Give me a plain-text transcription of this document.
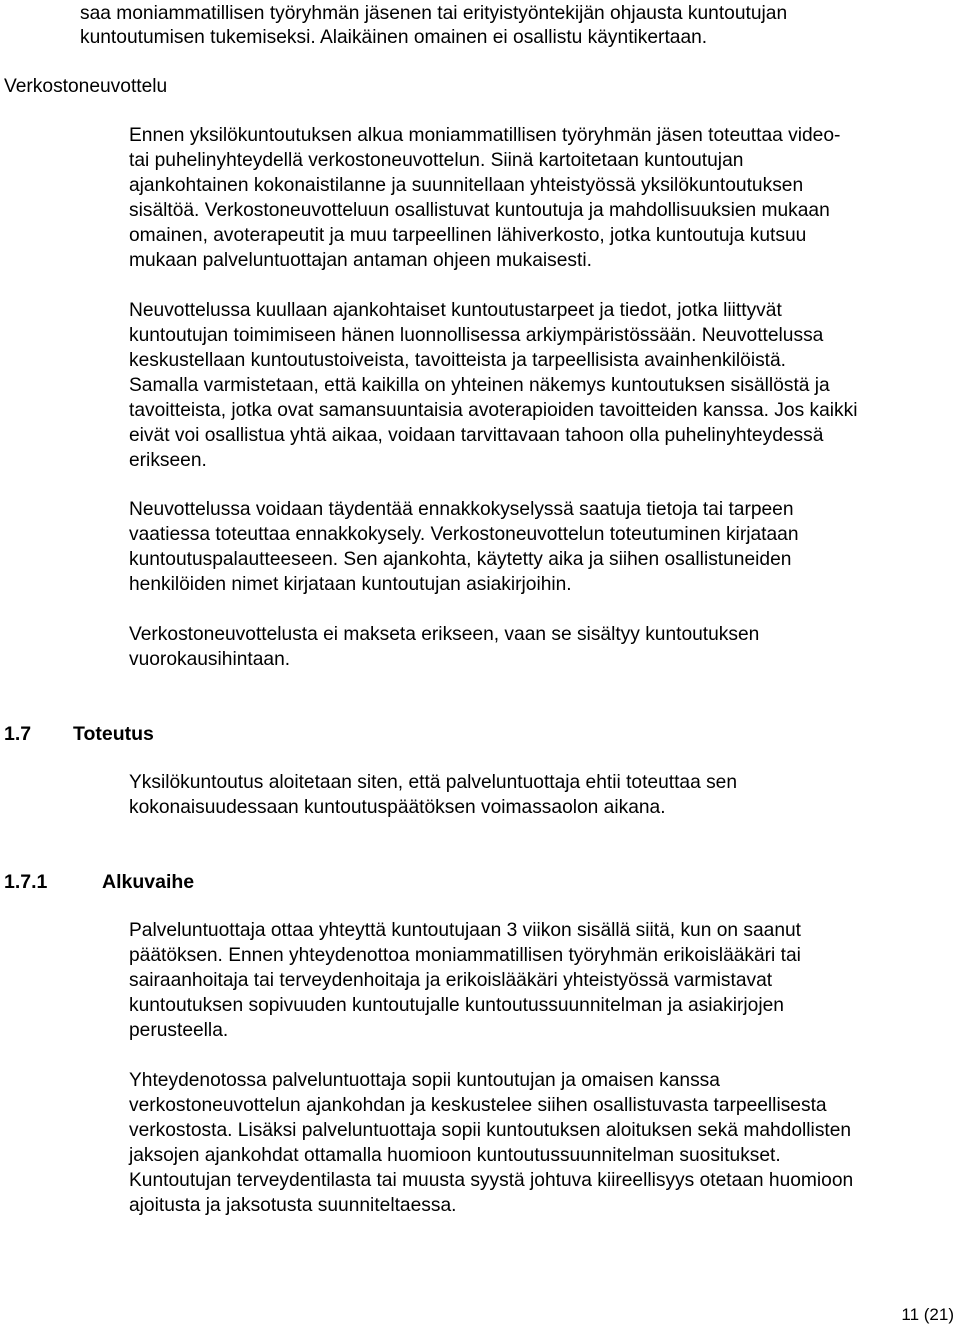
saa moniammatillisen työryhmän jäsenen tai erityistyöntekijän ohjausta kuntoutujan
kuntoutumisen tukemiseksi. Alaikäinen omainen ei osallistu käyntikertaan.
Verkostoneuvottelu
Ennen yksilökuntoutuksen alkua moniammatillisen työryhmän jäsen toteuttaa video-
tai puhelinyhteydellä verkostoneuvottelun. Siinä kartoitetaan kuntoutujan
ajankohtainen kokonaistilanne ja suunnitellaan yhteistyössä yksilökuntoutuksen
sisältöä. Verkostoneuvotteluun osallistuvat kuntoutuja ja mahdollisuuksien mukaan
omainen, avoterapeutit ja muu tarpeellinen lähiverkosto, jotka kuntoutuja kutsuu
mukaan palveluntuottajan antaman ohjeen mukaisesti.
Neuvottelussa kuullaan ajankohtaiset kuntoutustarpeet ja tiedot, jotka liittyvät
kuntoutujan toimimiseen hänen luonnollisessa arkiympäristössään. Neuvottelussa
keskustellaan kuntoutustoiveista, tavoitteista ja tarpeellisista avainhenkilöistä.
Samalla varmistetaan, että kaikilla on yhteinen näkemys kuntoutuksen sisällöstä ja
tavoitteista, jotka ovat samansuuntaisia avoterapioiden tavoitteiden kanssa. Jos kaikki
eivät voi osallistua yhtä aikaa, voidaan tarvittavaan tahoon olla puhelinyhteydessä
erikseen.
Neuvottelussa voidaan täydentää ennakkokyselyssä saatuja tietoja tai tarpeen
vaatiessa toteuttaa ennakkokysely. Verkostoneuvottelun toteutuminen kirjataan
kuntoutuspalautteeseen. Sen ajankohta, käytetty aika ja siihen osallistuneiden
henkilöiden nimet kirjataan kuntoutujan asiakirjoihin.
Verkostoneuvottelusta ei makseta erikseen, vaan se sisältyy kuntoutuksen
vuorokausihintaan.
1.7 Toteutus
Yksilökuntoutus aloitetaan siten, että palveluntuottaja ehtii toteuttaa sen
kokonaisuudessaan kuntoutuspäätöksen voimassaolon aikana.
1.7.1	Alkuvaihe
Palveluntuottaja ottaa yhteyttä kuntoutujaan 3 viikon sisällä siitä, kun on saanut
päätöksen. Ennen yhteydenottoa moniammatillisen työryhmän erikoislääkäri tai
sairaanhoitaja tai terveydenhoitaja ja erikoislääkäri yhteistyössä varmistavat
kuntoutuksen sopivuuden kuntoutujalle kuntoutussuunnitelman ja asiakirjojen
perusteella.
Yhteydenotossa palveluntuottaja sopii kuntoutujan ja omaisen kanssa
verkostoneuvottelun ajankohdan ja keskustelee siihen osallistuvasta tarpeellisesta
verkostosta. Lisäksi palveluntuottaja sopii kuntoutuksen aloituksen sekä mahdollisten
jaksojen ajankohdat ottamalla huomioon kuntoutussuunnitelman suositukset.
Kuntoutujan terveydentilasta tai muusta syystä johtuva kiireellisyys otetaan huomioon
ajoitusta ja jaksotusta suunniteltaessa.
11 (21)
